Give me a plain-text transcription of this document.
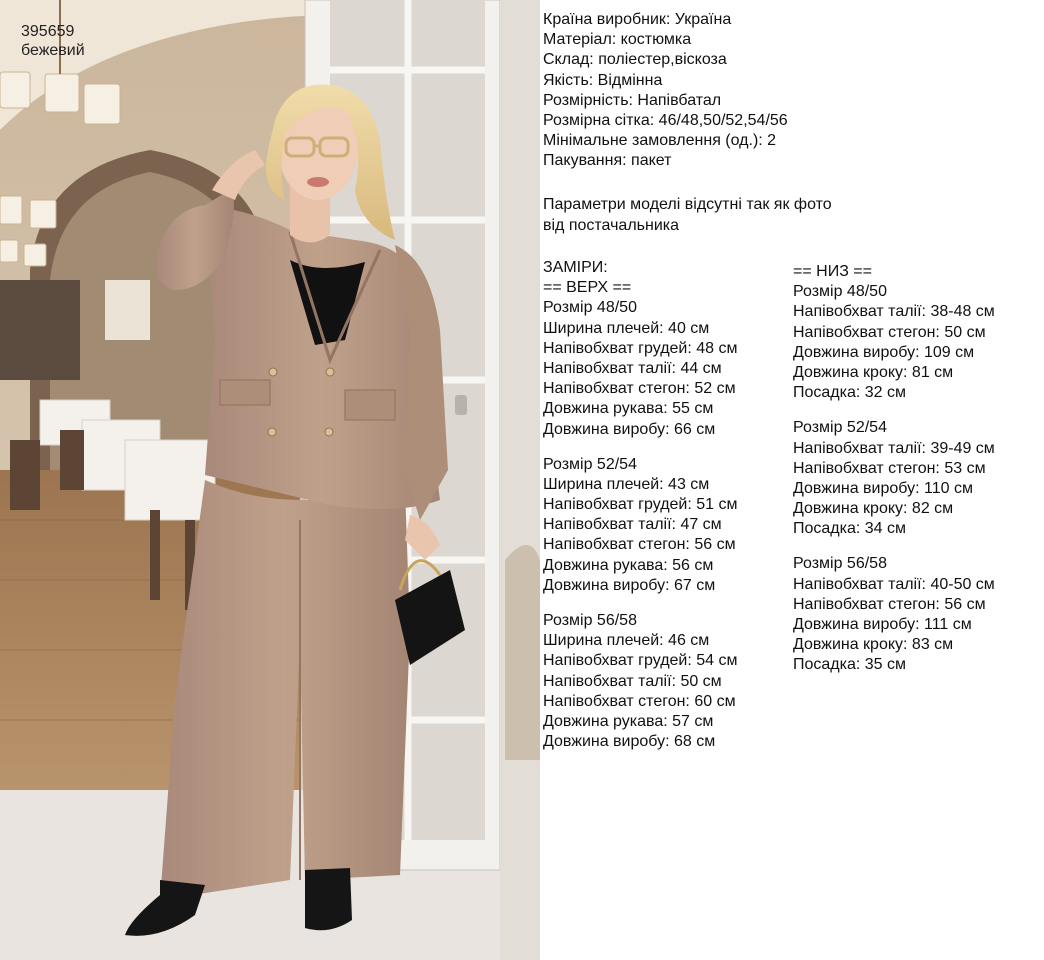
395659
бежевий
Країна виробник: Україна
Матеріал: костюмка
Склад: поліестер,віскоза
Якість: Відмінна
Розмірність: Напівбатал
Розмірна сітка: 46/48,50/52,54/56
Мінімальне замовлення (од.): 2
Пакування: пакет
Параметри моделі відсутні так як фото
від постачальника
ЗАМІРИ:
== ВЕРХ ==
Розмір 48/50
Ширина плечей: 40 см
Напівобхват грудей: 48 см
Напівобхват талії: 44 см
Напівобхват стегон: 52 см
Довжина рукава: 55 см
Довжина виробу: 66 см
Розмір 52/54
Ширина плечей: 43 см
Напівобхват грудей: 51 см
Напівобхват талії: 47 см
Напівобхват стегон: 56 см
Довжина рукава: 56 см
Довжина виробу: 67 см
Розмір 56/58
Ширина плечей: 46 см
Напівобхват грудей: 54 см
Напівобхват талії: 50 см
Напівобхват стегон: 60 см
Довжина рукава: 57 см
Довжина виробу: 68 см
== НИЗ ==
Розмір 48/50
Напівобхват талії: 38-48 см
Напівобхват стегон: 50 см
Довжина виробу: 109 см
Довжина кроку: 81 см
Посадка: 32 см
Розмір 52/54
Напівобхват талії: 39-49 см
Напівобхват стегон: 53 см
Довжина виробу: 110 см
Довжина кроку: 82 см
Посадка: 34 см
Розмір 56/58
Напівобхват талії: 40-50 см
Напівобхват стегон: 56 см
Довжина виробу: 111 см
Довжина кроку: 83 см
Посадка: 35 см
